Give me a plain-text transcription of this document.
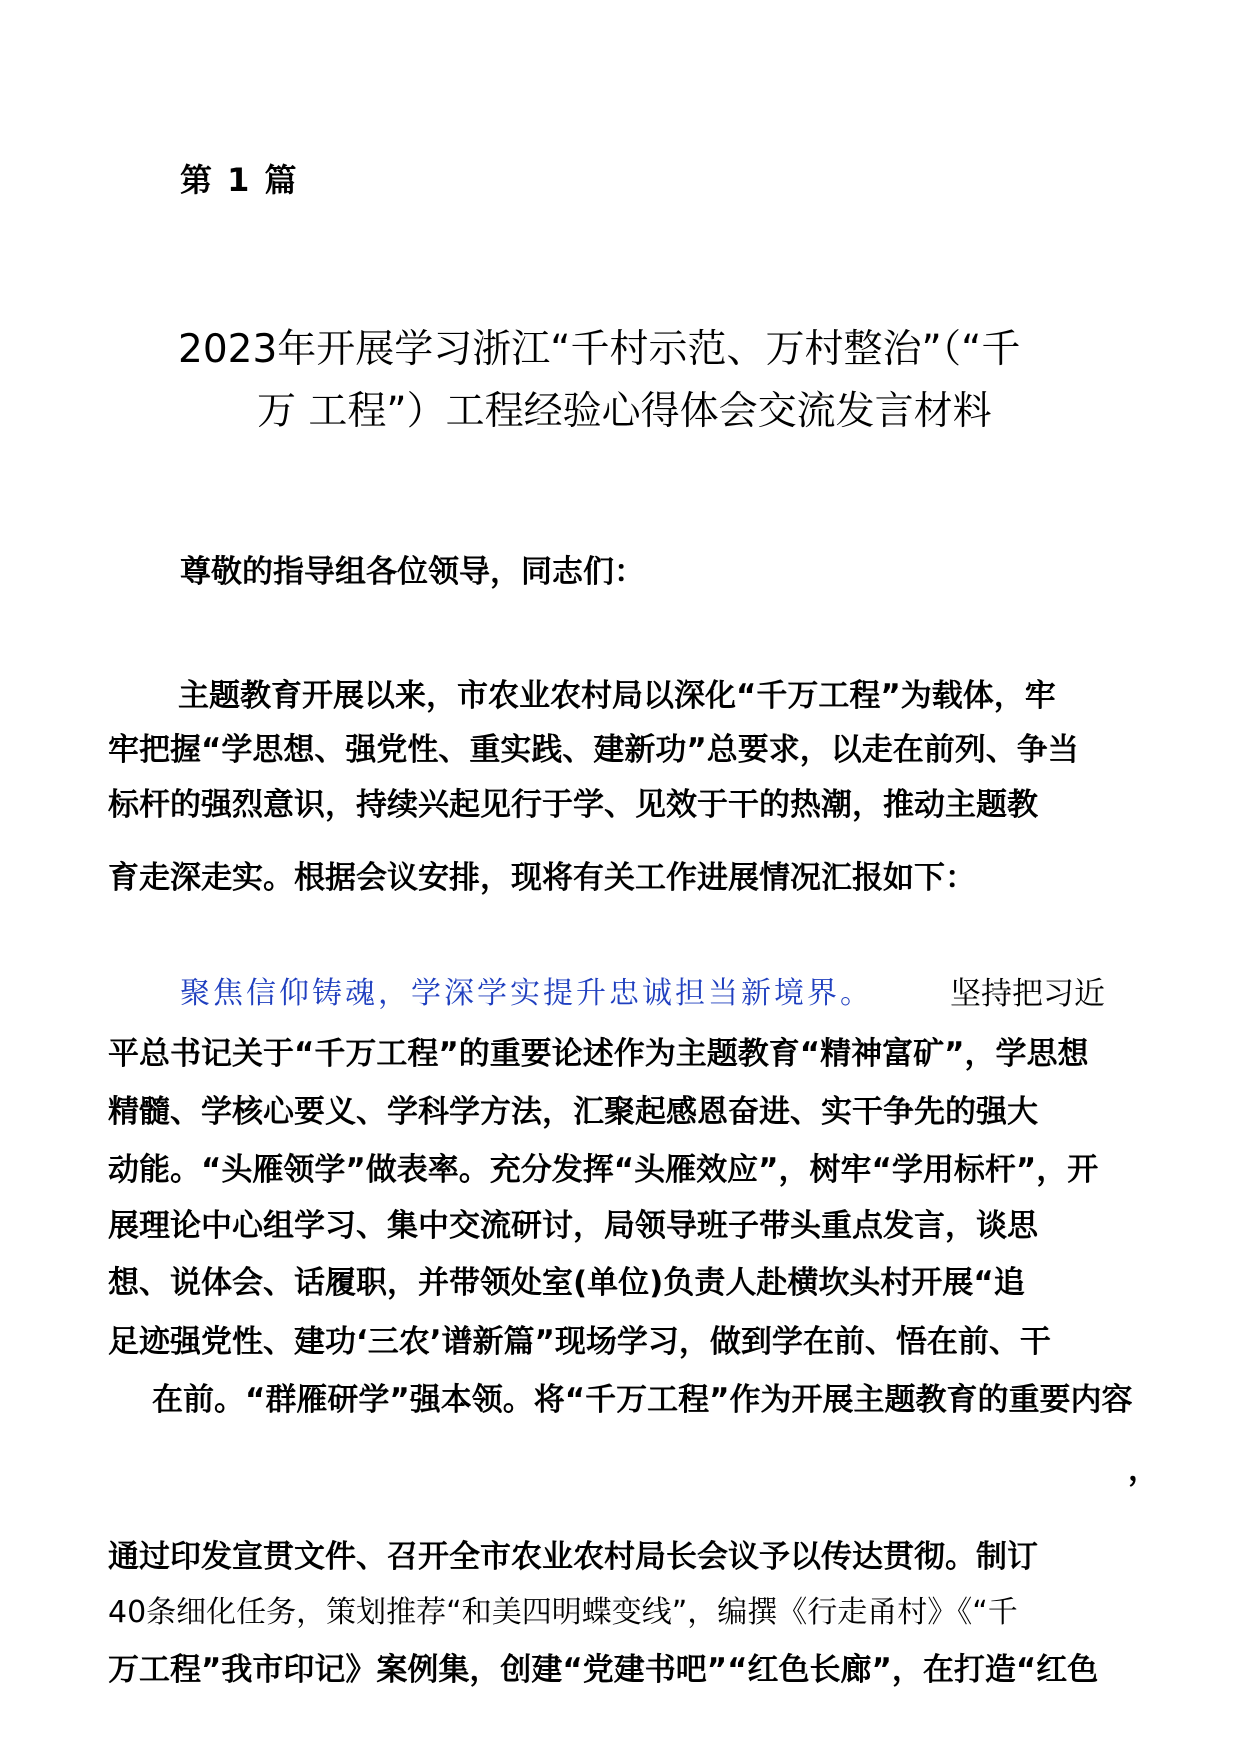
第 1 篇
2023年开展学习浙江“千村示范、万村整治”（“千
万 工程”）工程经验心得体会交流发言材料
尊敬的指导组各位领导，同志们：
主题教育开展以来，市农业农村局以深化“千万工程”为载体，牢
牢把握“学思想、强党性、重实践、建新功”总要求，以走在前列、争当
标杆的强烈意识，持续兴起见行于学、见效于干的热潮，推动主题教
育走深走实。根据会议安排，现将有关工作进展情况汇报如下：
聚焦信仰铸魂，学深学实提升忠诚担当新境界。 坚持把习近
平总书记关于“千万工程”的重要论述作为主题教育“精神富矿”，学思想
精髓、学核心要义、学科学方法，汇聚起感恩奋进、实干争先的强大
动能。“头雁领学”做表率。充分发挥“头雁效应”，树牢“学用标杆”，开
展理论中心组学习、集中交流研讨，局领导班子带头重点发言，谈思
想、说体会、话履职，并带领处室(单位)负责人赴横坎头村开展“追
足迹强党性、建功‘三农’谱新篇”现场学习，做到学在前、悟在前、干
在前。“群雁研学”强本领。将“千万工程”作为开展主题教育的重要内容
，
通过印发宣贯文件、召开全市农业农村局长会议予以传达贯彻。制订
40条细化任务，策划推荐“和美四明蝶变线”，编撰《行走甬村》《“千
万工程”我市印记》案例集，创建“党建书吧”“红色长廊”，在打造“红色
